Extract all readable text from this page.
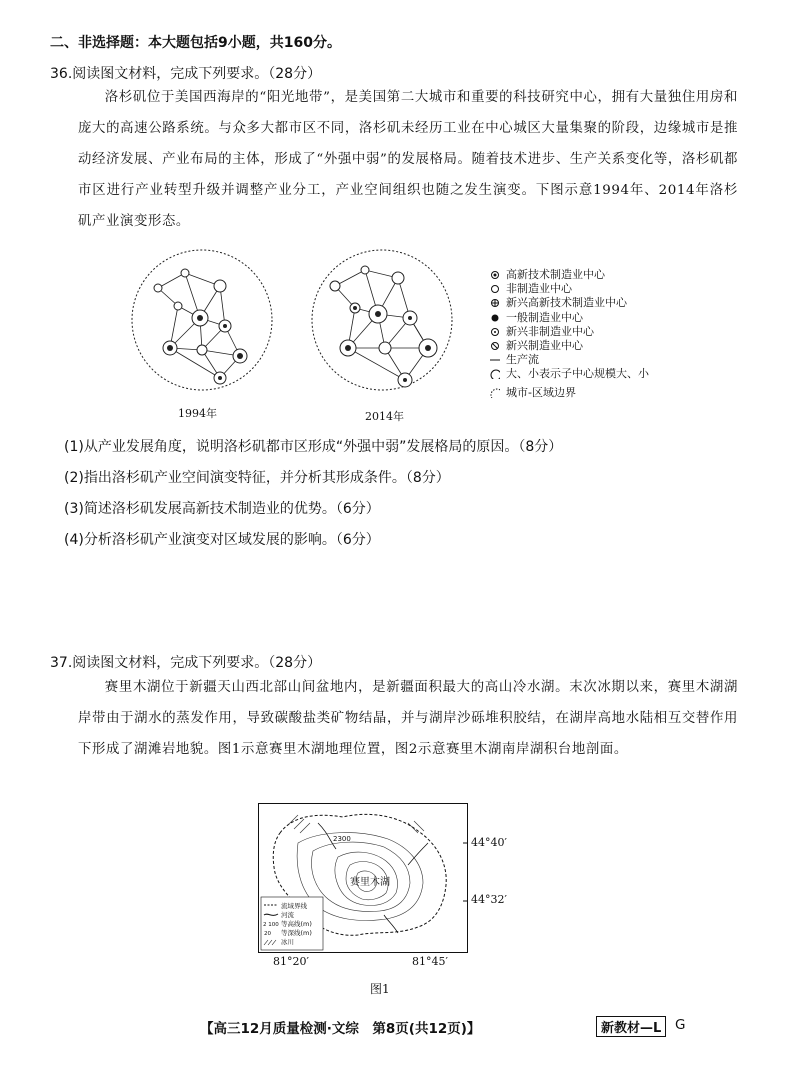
二、非选择题：本大题包括9小题，共160分。
36.阅读图文材料，完成下列要求。（28分）
洛杉矶位于美国西海岸的“阳光地带”，是美国第二大城市和重要的科技研究中心，拥有大量独住用房和庞大的高速公路系统。与众多大都市区不同，洛杉矶未经历工业在中心城区大量集聚的阶段，边缘城市是推动经济发展、产业布局的主体，形成了“外强中弱”的发展格局。随着技术进步、生产关系变化等，洛杉矶都市区进行产业转型升级并调整产业分工，产业空间组织也随之发生演变。下图示意1994年、2014年洛杉矶产业演变形态。
1994年	2014年
高新技术制造业中心
非制造业中心
新兴高新技术制造业中心
一般制造业中心
新兴非制造业中心
新兴制造业中心
生产流
大、小表示子中心规模大、小
城市-区域边界
(1)从产业发展角度，说明洛杉矶都市区形成“外强中弱”发展格局的原因。（8分）
(2)指出洛杉矶产业空间演变特征，并分析其形成条件。（8分）
(3)简述洛杉矶发展高新技术制造业的优势。（6分）
(4)分析洛杉矶产业演变对区域发展的影响。（6分）
37.阅读图文材料，完成下列要求。（28分）
赛里木湖位于新疆天山西北部山间盆地内，是新疆面积最大的高山冷水湖。末次冰期以来，赛里木湖湖岸带由于湖水的蒸发作用，导致碳酸盐类矿物结晶，并与湖岸沙砾堆积胶结，在湖岸高地水陆相互交替作用下形成了湖滩岩地貌。图1示意赛里木湖地理位置，图2示意赛里木湖南岸湖积台地剖面。
2300
赛里木湖
流域界线
河流
2 100 等高线(m)
20 等深线(m)
冰川
44°40′
44°32′
81°20′	81°45′
图1
【高三12月质量检测·文综　第8页(共12页)】	新教材—L	G
